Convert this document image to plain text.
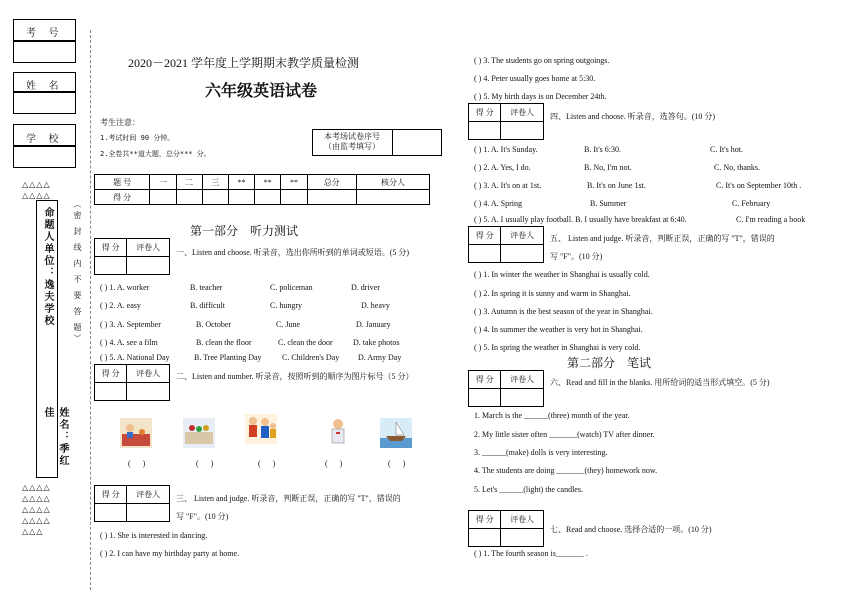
考     号
姓     名
学     校
△△△△
△△△△
△△△△
△△△△
△△△△
△△△△
△△△
命题人单位：逸夫学校
姓名：季红佳
（密 封 线 内 不 要 答 题）
2020－2021 学年度上学期期末教学质量检测
六年级英语试卷
考生注意：
1.考试时间 90 分钟。
2.全卷共**道大题，总分*** 分。
本考场试卷序号（由监考填写）
题 号	一	二	三	**	**	**	总分	核分人
得 分								
第一部分    听力测试
得 分	评卷人

一、Listen and choose. 听录音，选出你所听到的单词或短语。(5 分)
( ) 1. A. worker	B. teacher	C. policeman	D. driver
( ) 2. A. easy	B. difficult	C. hungry	D. heavy
( ) 3. A. September	B. October	C. June	D. January
( ) 4. A. see a film	B. clean the floor	C. clean the door	D. take photos
( ) 5. A. National Day	B. Tree Planting Day	C. Children's Day D. Army Day
得 分	评卷人
	二、Listen and number. 听录音，按照听到的顺序为图片标号（5 分）
(      )	(      )	(      )	(      )	(      )
得 分	评卷人
	三、 Listen and judge. 听录音，判断正误，正确的写 "T"，错误的
写 "F"。(10 分)
( ) 1. She is interested in dancing.
( ) 2. I can have my birthday party at home.
( ) 3. The students go on spring outgoings.
( ) 4. Peter usually goes home at 5:30.
( ) 5. My birth days is on December 24th.
得 分	评卷人
	四、Listen and choose. 听录音，选答句。(10 分)
( ) 1. A. It's Sunday.	B. It's 6:30.	C. It's hot.
( ) 2. A. Yes, I do.	B. No, I'm not.	C. No, thanks.
( ) 3. A. It's on at 1st.	B. It's on June 1st.	C. It's on September 10th .
( ) 4. A. Spring	B. Summer	C. February
( ) 5. A. I usually play football. B. I usually have breakfast at 6:40.	C. I'm reading a book
得 分	评卷人
	五、 Listen and judge. 听录音，判断正误，正确的写 "T"，错误的
写 "F"。(10 分)
( ) 1. In winter the weather in Shanghai is usually cold.
( ) 2. In spring it is sunny and warm in Shanghai.
( ) 3. Autumn is the best season of the year in Shanghai.
( ) 4. In summer the weather is very hot in Shanghai.
( ) 5. In spring the weather in Shanghai is very cold.
第二部分    笔试
得 分	评卷人
	六、Read and fill in the blanks. 用所给词的适当形式填空。(5 分)
1. March is the ______(three) month of the year.
2. My little sister often _______(watch) TV after dinner.
3. ______(make) dolls is very interesting.
4. The students are doing _______(they) homework now.
5. Let's ______(light) the candles.
得 分	评卷人

七、Read and choose. 选择合适的一项。(10 分)
( ) 1. The fourth season is_______ .
